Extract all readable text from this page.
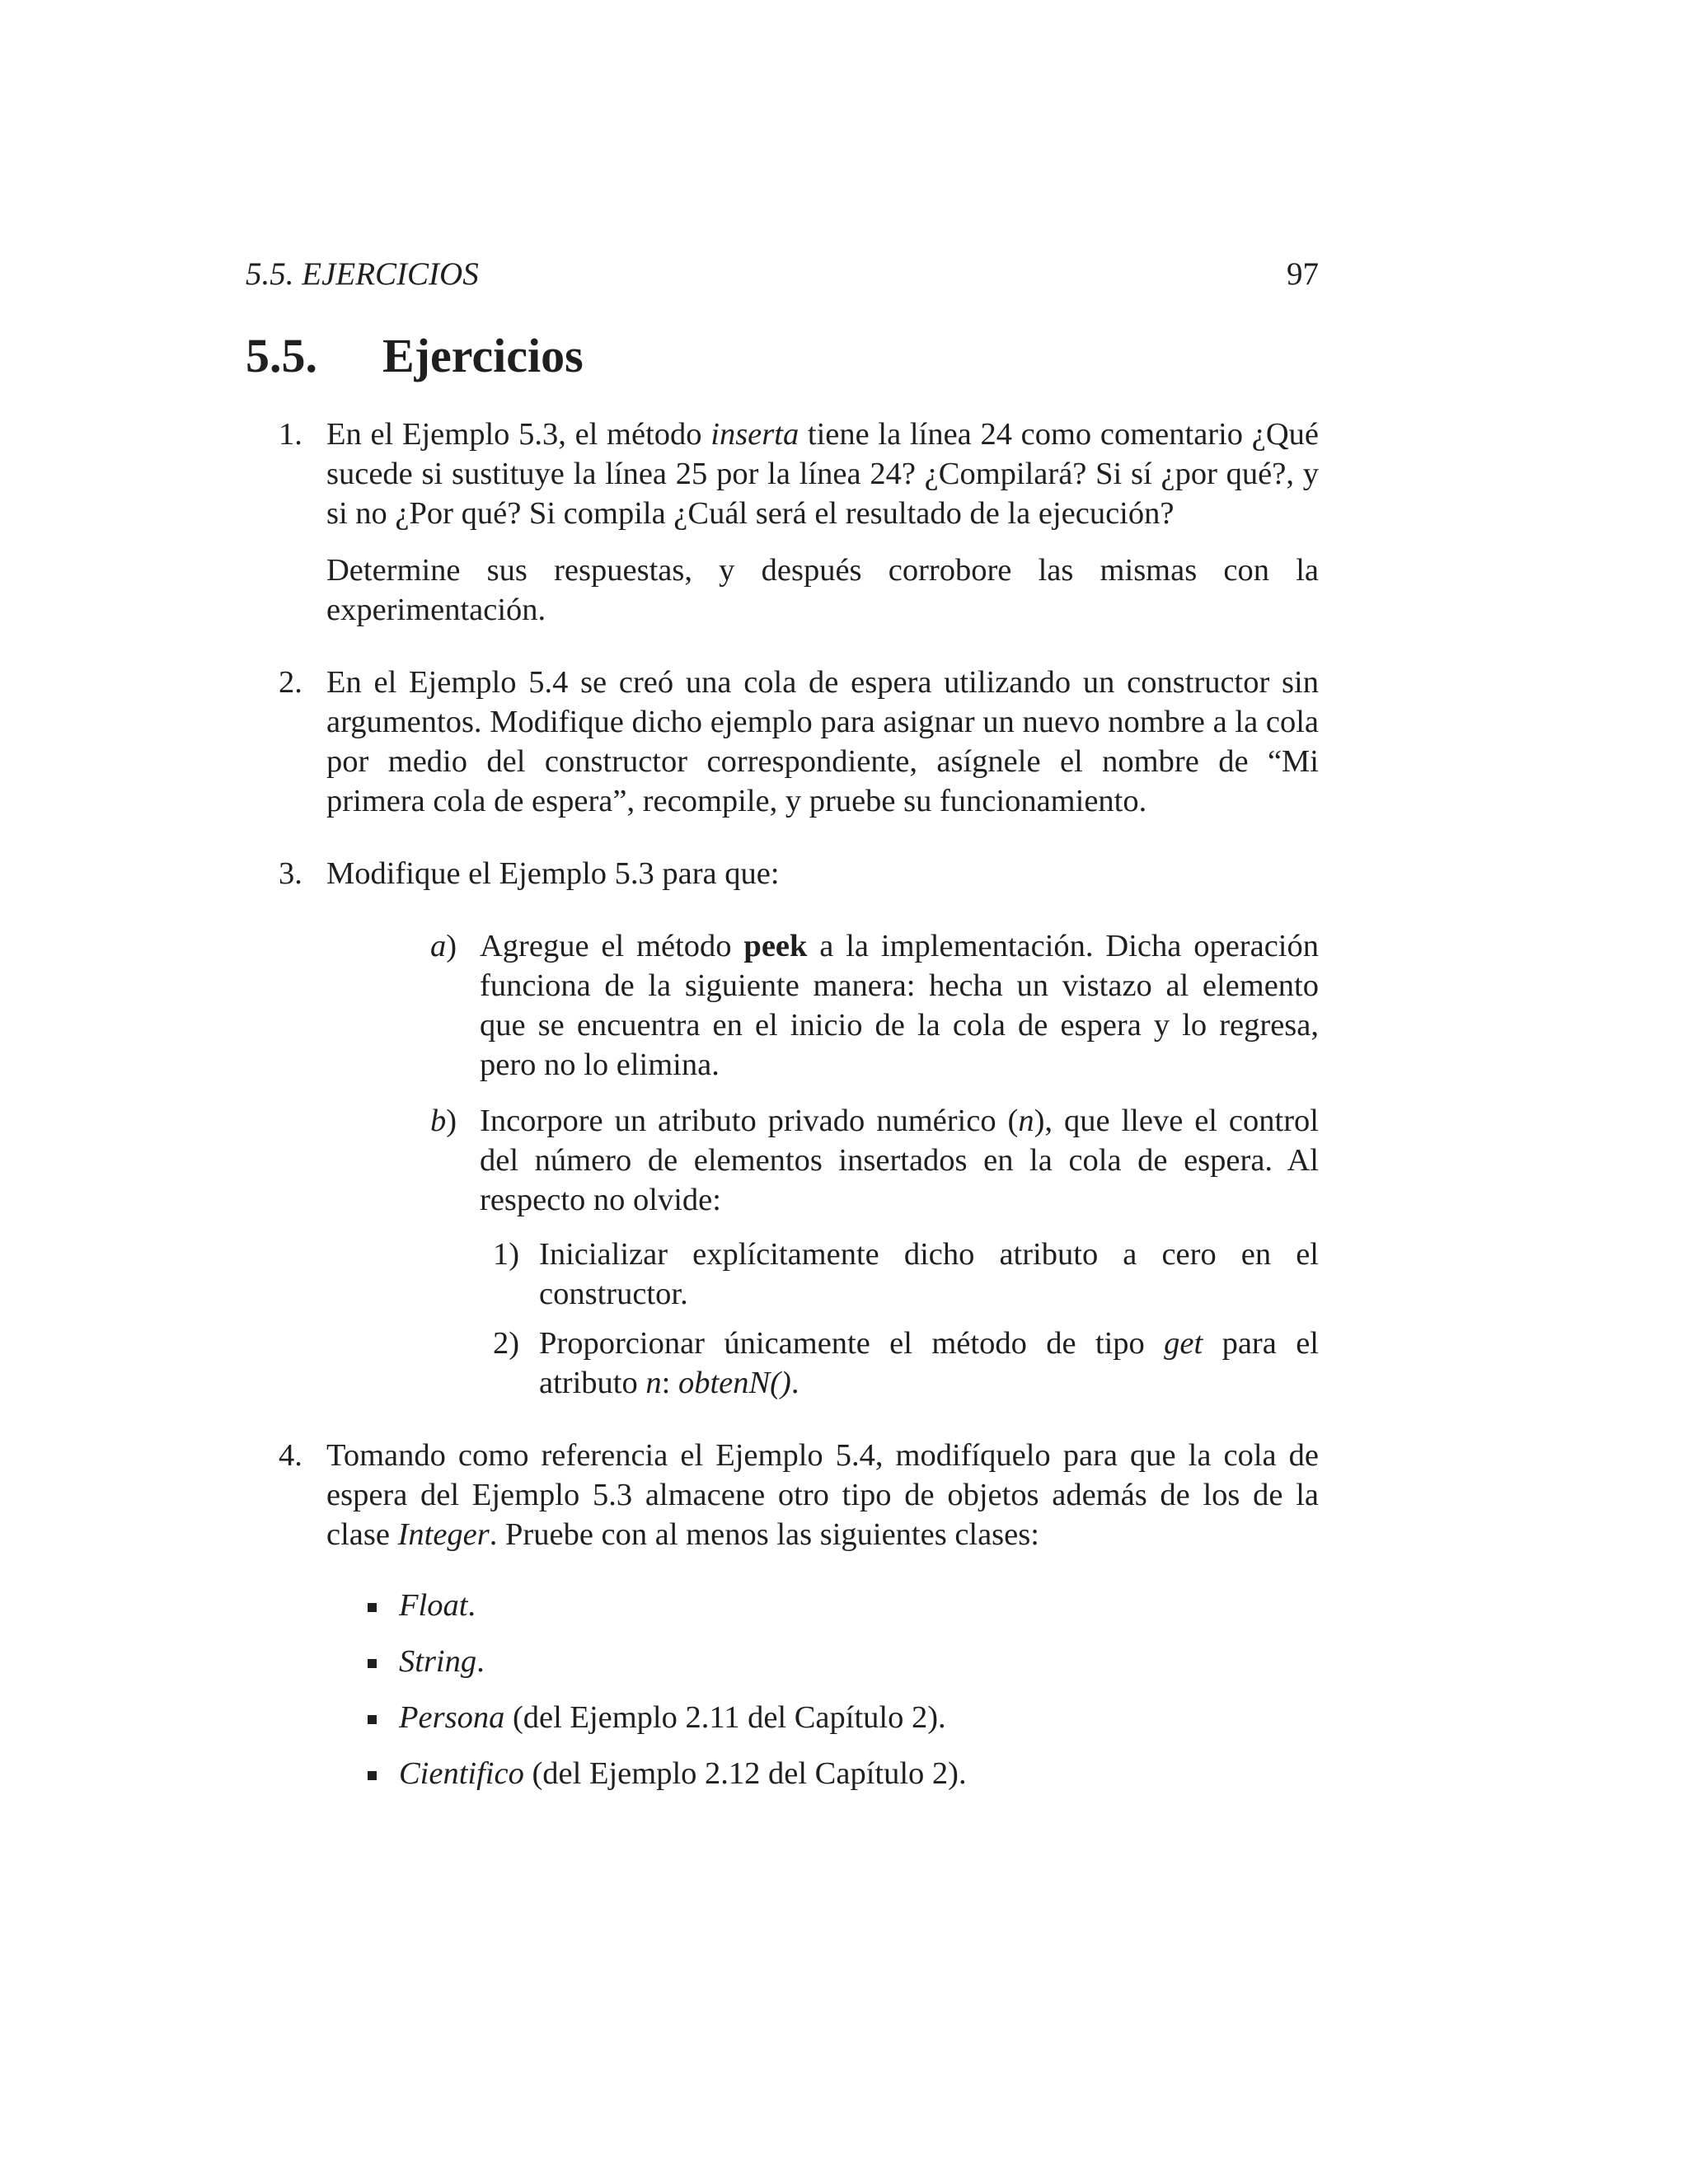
5.5. EJERCICIOS	97
5.5. Ejercicios
1. En el Ejemplo 5.3, el método inserta tiene la línea 24 como comentario ¿Qué sucede si sustituye la línea 25 por la línea 24? ¿Compilará? Si sí ¿por qué?, y si no ¿Por qué? Si compila ¿Cuál será el resultado de la ejecución?

Determine sus respuestas, y después corrobore las mismas con la experimentación.

2. En el Ejemplo 5.4 se creó una cola de espera utilizando un constructor sin argumentos. Modifique dicho ejemplo para asignar un nuevo nombre a la cola por medio del constructor correspondiente, asígnele el nombre de “Mi primera cola de espera”, recompile, y pruebe su funcionamiento.

3. Modifique el Ejemplo 5.3 para que:

a) Agregue el método peek a la implementación. Dicha operación funciona de la siguiente manera: hecha un vistazo al elemento que se encuentra en el inicio de la cola de espera y lo regresa, pero no lo elimina.

b) Incorpore un atributo privado numérico (n), que lleve el control del número de elementos insertados en la cola de espera. Al respecto no olvide:

1) Inicializar explícitamente dicho atributo a cero en el constructor.

2) Proporcionar únicamente el método de tipo get para el atributo n: obtenN().

4. Tomando como referencia el Ejemplo 5.4, modifíquelo para que la cola de espera del Ejemplo 5.3 almacene otro tipo de objetos además de los de la clase Integer. Pruebe con al menos las siguientes clases:

Float.
String.
Persona (del Ejemplo 2.11 del Capítulo 2).
Cientifico (del Ejemplo 2.12 del Capítulo 2).
